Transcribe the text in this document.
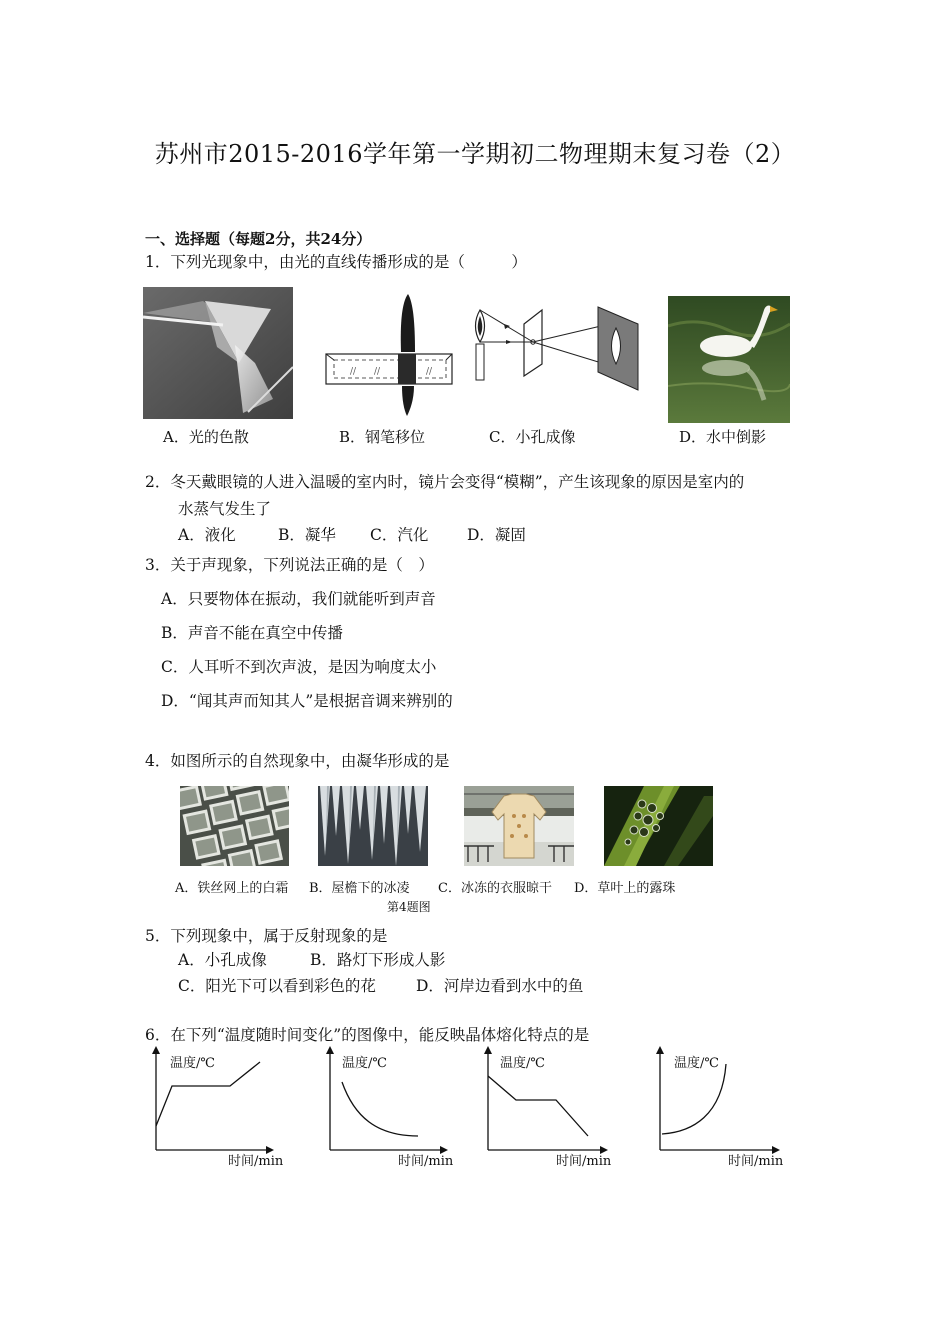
苏州市2015-2016学年第一学期初二物理期末复习卷（2）
一、选择题（每题2分，共24分）
1．下列光现象中，由光的直线传播形成的是（　　　）
// //	//
A．光的色散	B．钢笔移位	C．小孔成像	D．水中倒影
2．冬天戴眼镜的人进入温暖的室内时，镜片会变得“模糊”，产生该现象的原因是室内的
水蒸气发生了
A．液化	B．凝华 C．汽化 D．凝固
3．关于声现象，下列说法正确的是（　）
A．只要物体在振动，我们就能听到声音
B．声音不能在真空中传播
C．人耳听不到次声波，是因为响度太小
D．“闻其声而知其人”是根据音调来辨别的
4．如图所示的自然现象中，由凝华形成的是
A．铁丝网上的白霜 B．屋檐下的冰凌 C．冰冻的衣服晾干 D．草叶上的露珠
第4题图
5．下列现象中，属于反射现象的是
A．小孔成像	B．路灯下形成人影
C．阳光下可以看到彩色的花	D．河岸边看到水中的鱼
6．在下列“温度随时间变化”的图像中，能反映晶体熔化特点的是
温度/℃
时间/min
温度/℃
时间/min
温度/℃
时间/min
温度/℃
时间/min
